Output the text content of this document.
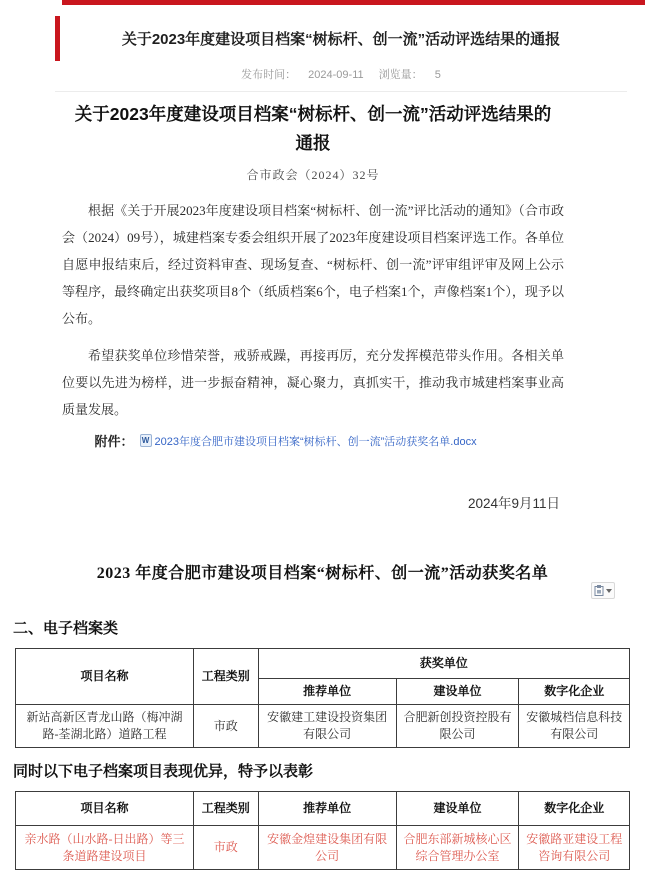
关于2023年度建设项目档案“树标杆、创一流”活动评选结果的通报
发布时间： 2024-09-11 浏览量： 5
关于2023年度建设项目档案“树标杆、创一流”活动评选结果的通报
合市政会（2024）32号

根据《关于开展2023年度建设项目档案“树标杆、创一流”评比活动的通知》（合市政会（2024）09号），城建档案专委会组织开展了2023年度建设项目档案评选工作。各单位自愿申报结束后，经过资料审查、现场复查、“树标杆、创一流”评审组评审及网上公示等程序，最终确定出获奖项目8个（纸质档案6个，电子档案1个，声像档案1个），现予以公布。

希望获奖单位珍惜荣誉，戒骄戒躁，再接再厉，充分发挥模范带头作用。各相关单位要以先进为榜样，进一步振奋精神，凝心聚力，真抓实干，推动我市城建档案事业高质量发展。

附件： W 2023年度合肥市建设项目档案“树标杆、创一流”活动获奖名单.docx
2024年9月11日
2023 年度合肥市建设项目档案“树标杆、创一流”活动获奖名单
二、电子档案类
项目名称	工程类别	获奖单位		
		推荐单位	建设单位	数字化企业
新站高新区青龙山路（梅冲湖路-荃湖北路）道路工程	市政	安徽建工建设投资集团有限公司	合肥新创投资控股有限公司	安徽城档信息科技有限公司
同时以下电子档案项目表现优异，特予以表彰
项目名称	工程类别	推荐单位	建设单位	数字化企业
亲水路（山水路-日出路）等三条道路建设项目	市政	安徽金煌建设集团有限公司	合肥东部新城核心区综合管理办公室	安徽路亚建设工程咨询有限公司
